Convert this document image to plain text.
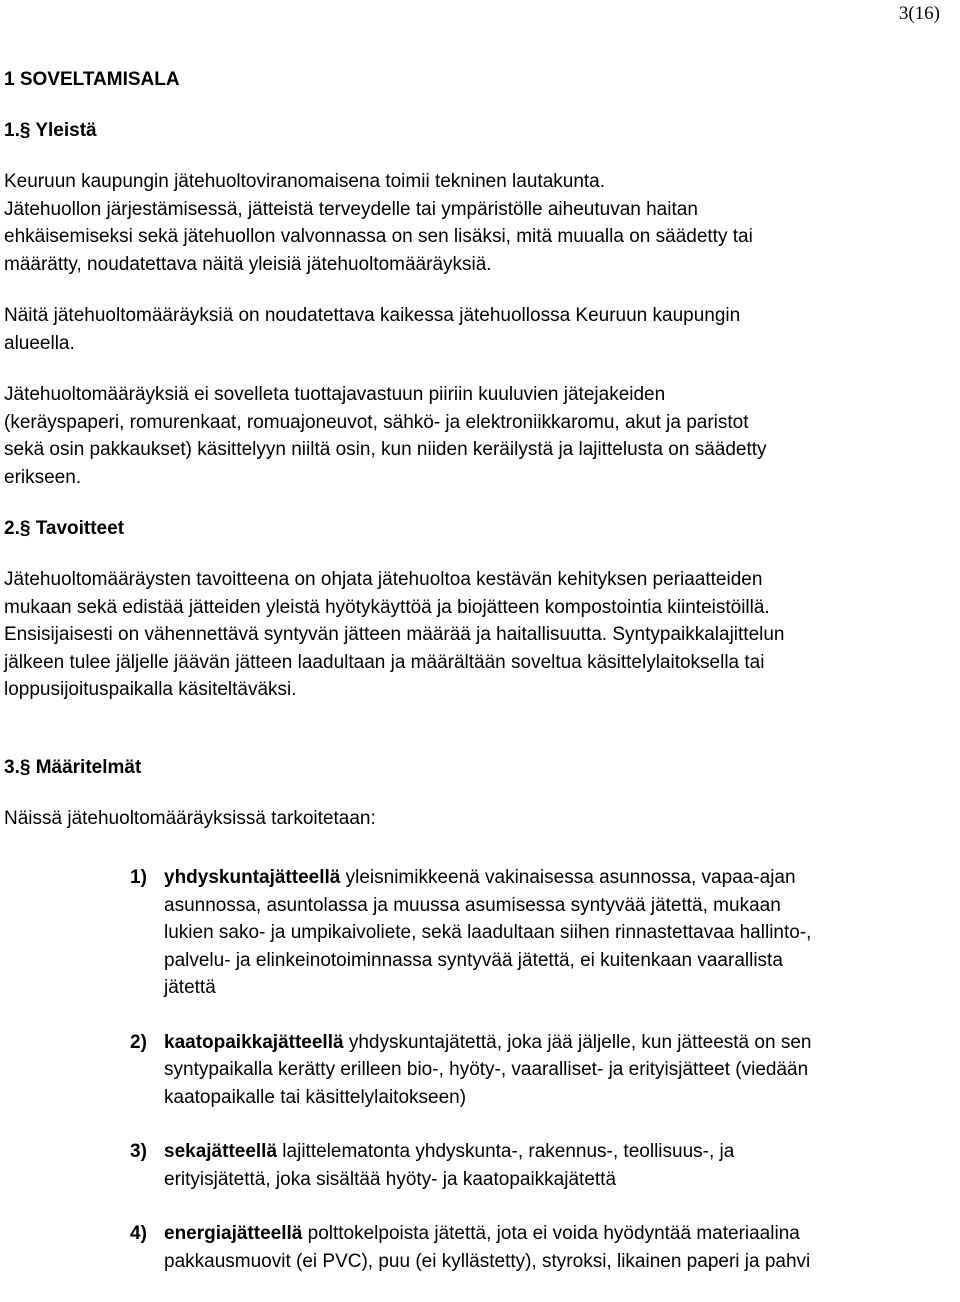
3(16)
1 SOVELTAMISALA
1.§ Yleistä

Keuruun kaupungin jätehuoltoviranomaisena toimii tekninen lautakunta.
Jätehuollon järjestämisessä, jätteistä terveydelle tai ympäristölle aiheutuvan haitan
ehkäisemiseksi sekä jätehuollon valvonnassa on sen lisäksi, mitä muualla on säädetty tai
määrätty, noudatettava näitä yleisiä jätehuoltomääräyksiä.

Näitä jätehuoltomääräyksiä on noudatettava kaikessa jätehuollossa Keuruun kaupungin
alueella.

Jätehuoltomääräyksiä ei sovelleta tuottajavastuun piiriin kuuluvien jätejakeiden
(keräyspaperi, romurenkaat, romuajoneuvot, sähkö- ja elektroniikkaromu, akut ja paristot
sekä osin pakkaukset) käsittelyyn niiltä osin, kun niiden keräilystä ja lajittelusta on säädetty
erikseen.

2.§ Tavoitteet

Jätehuoltomääräysten tavoitteena on ohjata jätehuoltoa kestävän kehityksen periaatteiden
mukaan sekä edistää jätteiden yleistä hyötykäyttöä ja biojätteen kompostointia kiinteistöillä.
Ensisijaisesti on vähennettävä syntyvän jätteen määrää ja haitallisuutta. Syntypaikkalajittelun
jälkeen tulee jäljelle jäävän jätteen laadultaan ja määrältään soveltua käsittelylaitoksella tai
loppusijoituspaikalla käsiteltäväksi.

3.§ Määritelmät

Näissä jätehuoltomääräyksissä tarkoitetaan:

1) yhdyskuntajätteellä yleisnimikkeenä vakinaisessa asunnossa, vapaa-ajan
asunnossa, asuntolassa ja muussa asumisessa syntyvää jätettä, mukaan
lukien sako- ja umpikaivoliete, sekä laadultaan siihen rinnastettavaa hallinto-,
palvelu- ja elinkeinotoiminnassa syntyvää jätettä, ei kuitenkaan vaarallista
jätettä
2) kaatopaikkajätteellä yhdyskuntajätettä, joka jää jäljelle, kun jätteestä on sen
syntypaikalla kerätty erilleen bio-, hyöty-, vaaralliset- ja erityisjätteet (viedään
kaatopaikalle tai käsittelylaitokseen)
3) sekajätteellä lajittelematonta yhdyskunta-, rakennus-, teollisuus-, ja
erityisjätettä, joka sisältää hyöty- ja kaatopaikkajätettä
4) energiajätteellä polttokelpoista jätettä, jota ei voida hyödyntää materiaalina
pakkausmuovit (ei PVC), puu (ei kyllästetty), styroksi, likainen paperi ja pahvi
